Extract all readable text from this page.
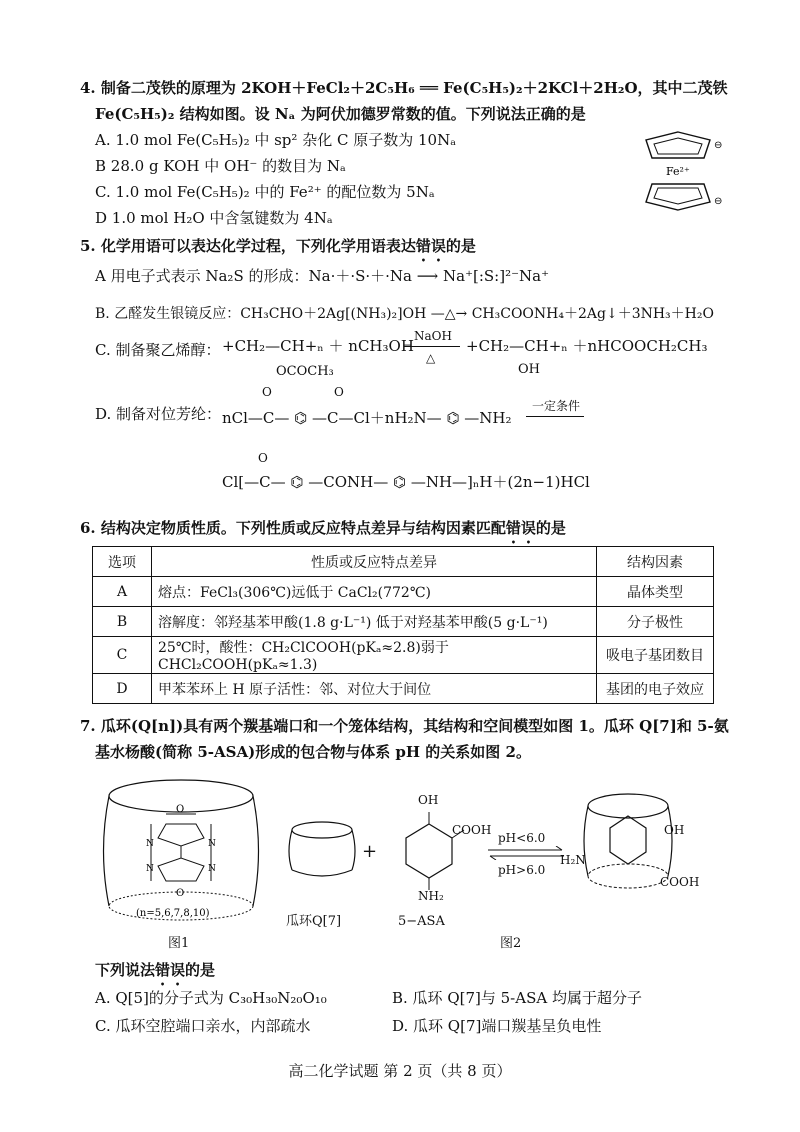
4. 制备二茂铁的原理为 2KOH＋FeCl₂＋2C₅H₆ ══ Fe(C₅H₅)₂＋2KCl＋2H₂O，其中二茂铁
Fe(C₅H₅)₂ 结构如图。设 Nₐ 为阿伏加德罗常数的值。下列说法正确的是
A. 1.0 mol Fe(C₅H₅)₂ 中 sp² 杂化 C 原子数为 10Nₐ
B 28.0 g KOH 中 OH⁻ 的数目为 Nₐ
C. 1.0 mol Fe(C₅H₅)₂ 中的 Fe²⁺ 的配位数为 5Nₐ
D 1.0 mol H₂O 中含氢键数为 4Nₐ
Fe²⁺
⊖
⊖
5. 化学用语可以表达化学过程，下列化学用语表达错误的是
A 用电子式表示 Na₂S 的形成：Na·＋·S·＋·Na ⟶ Na⁺[:S:]²⁻Na⁺
B. 乙醛发生银镜反应：CH₃CHO＋2Ag[(NH₃)₂]OH —△→ CH₃COONH₄＋2Ag↓＋3NH₃＋H₂O
C. 制备聚乙烯醇： +CH₂—CH+ₙ ＋ nCH₃OH
OCOCH₃
NaOH
△
+CH₂—CH+ₙ ＋nHCOOCH₂CH₃
OH
D. 制备对位芳纶：
O	O
nCl—C— ⌬ —C—Cl＋nH₂N— ⌬ —NH₂
一定条件
O
Cl[—C— ⌬ —CONH— ⌬ —NH—]ₙH＋(2n−1)HCl
6. 结构决定物质性质。下列性质或反应特点差异与结构因素匹配错误的是
选项	性质或反应特点差异	结构因素
A	熔点：FeCl₃(306℃)远低于 CaCl₂(772℃)	晶体类型
B	溶解度：邻羟基苯甲酸(1.8 g·L⁻¹) 低于对羟基苯甲酸(5 g·L⁻¹)	分子极性
C	25℃时，酸性：CH₂ClCOOH(pKₐ≈2.8)弱于 CHCl₂COOH(pKₐ≈1.3)	吸电子基团数目
D	甲苯苯环上 H 原子活性：邻、对位大于间位	基团的电子效应
7. 瓜环(Q[n])具有两个羰基端口和一个笼体结构，其结构和空间模型如图 1。瓜环 Q[7]和 5-氨
基水杨酸(简称 5-ASA)形成的包合物与体系 pH 的关系如图 2。
O
O
N	N
N	N
(n=5,6,7,8,10)
图1
瓜环Q[7]
+
OH
COOH
NH₂
5−ASA
pH<6.0
pH>6.0
H₂N
OH
COOH
图2
下列说法错误的是
A. Q[5]的分子式为 C₃₀H₃₀N₂₀O₁₀	B. 瓜环 Q[7]与 5-ASA 均属于超分子
C. 瓜环空腔端口亲水，内部疏水	D. 瓜环 Q[7]端口羰基呈负电性
高二化学试题 第 2 页（共 8 页）
